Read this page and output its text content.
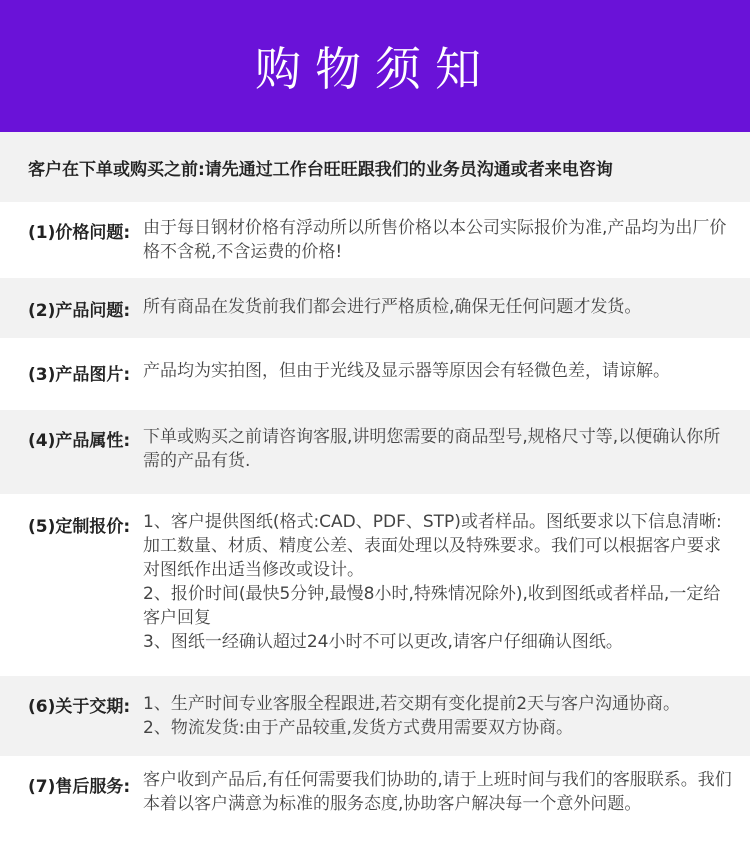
购物须知
客户在下单或购买之前:请先通过工作台旺旺跟我们的业务员沟通或者来电咨询
(1)价格问题: 由于每日钢材价格有浮动所以所售价格以本公司实际报价为准,产品均为出厂价格不含税,不含运费的价格!

(2)产品问题: 所有商品在发货前我们都会进行严格质检,确保无任何问题才发货。

(3)产品图片: 产品均为实拍图，但由于光线及显示器等原因会有轻微色差，请谅解。

(4)产品属性: 下单或购买之前请咨询客服,讲明您需要的商品型号,规格尺寸等,以便确认你所需的产品有货.

(5)定制报价: 1、客户提供图纸(格式:CAD、PDF、STP)或者样品。图纸要求以下信息清晰:加工数量、材质、精度公差、表面处理以及特殊要求。我们可以根据客户要求对图纸作出适当修改或设计。

2、报价时间(最快5分钟,最慢8小时,特殊情况除外),收到图纸或者样品,一定给客户回复

3、图纸一经确认超过24小时不可以更改,请客户仔细确认图纸。

(6)关于交期: 1、生产时间专业客服全程跟进,若交期有变化提前2天与客户沟通协商。

2、物流发货:由于产品较重,发货方式费用需要双方协商。

(7)售后服务: 客户收到产品后,有任何需要我们协助的,请于上班时间与我们的客服联系。我们本着以客户满意为标准的服务态度,协助客户解决每一个意外问题。
